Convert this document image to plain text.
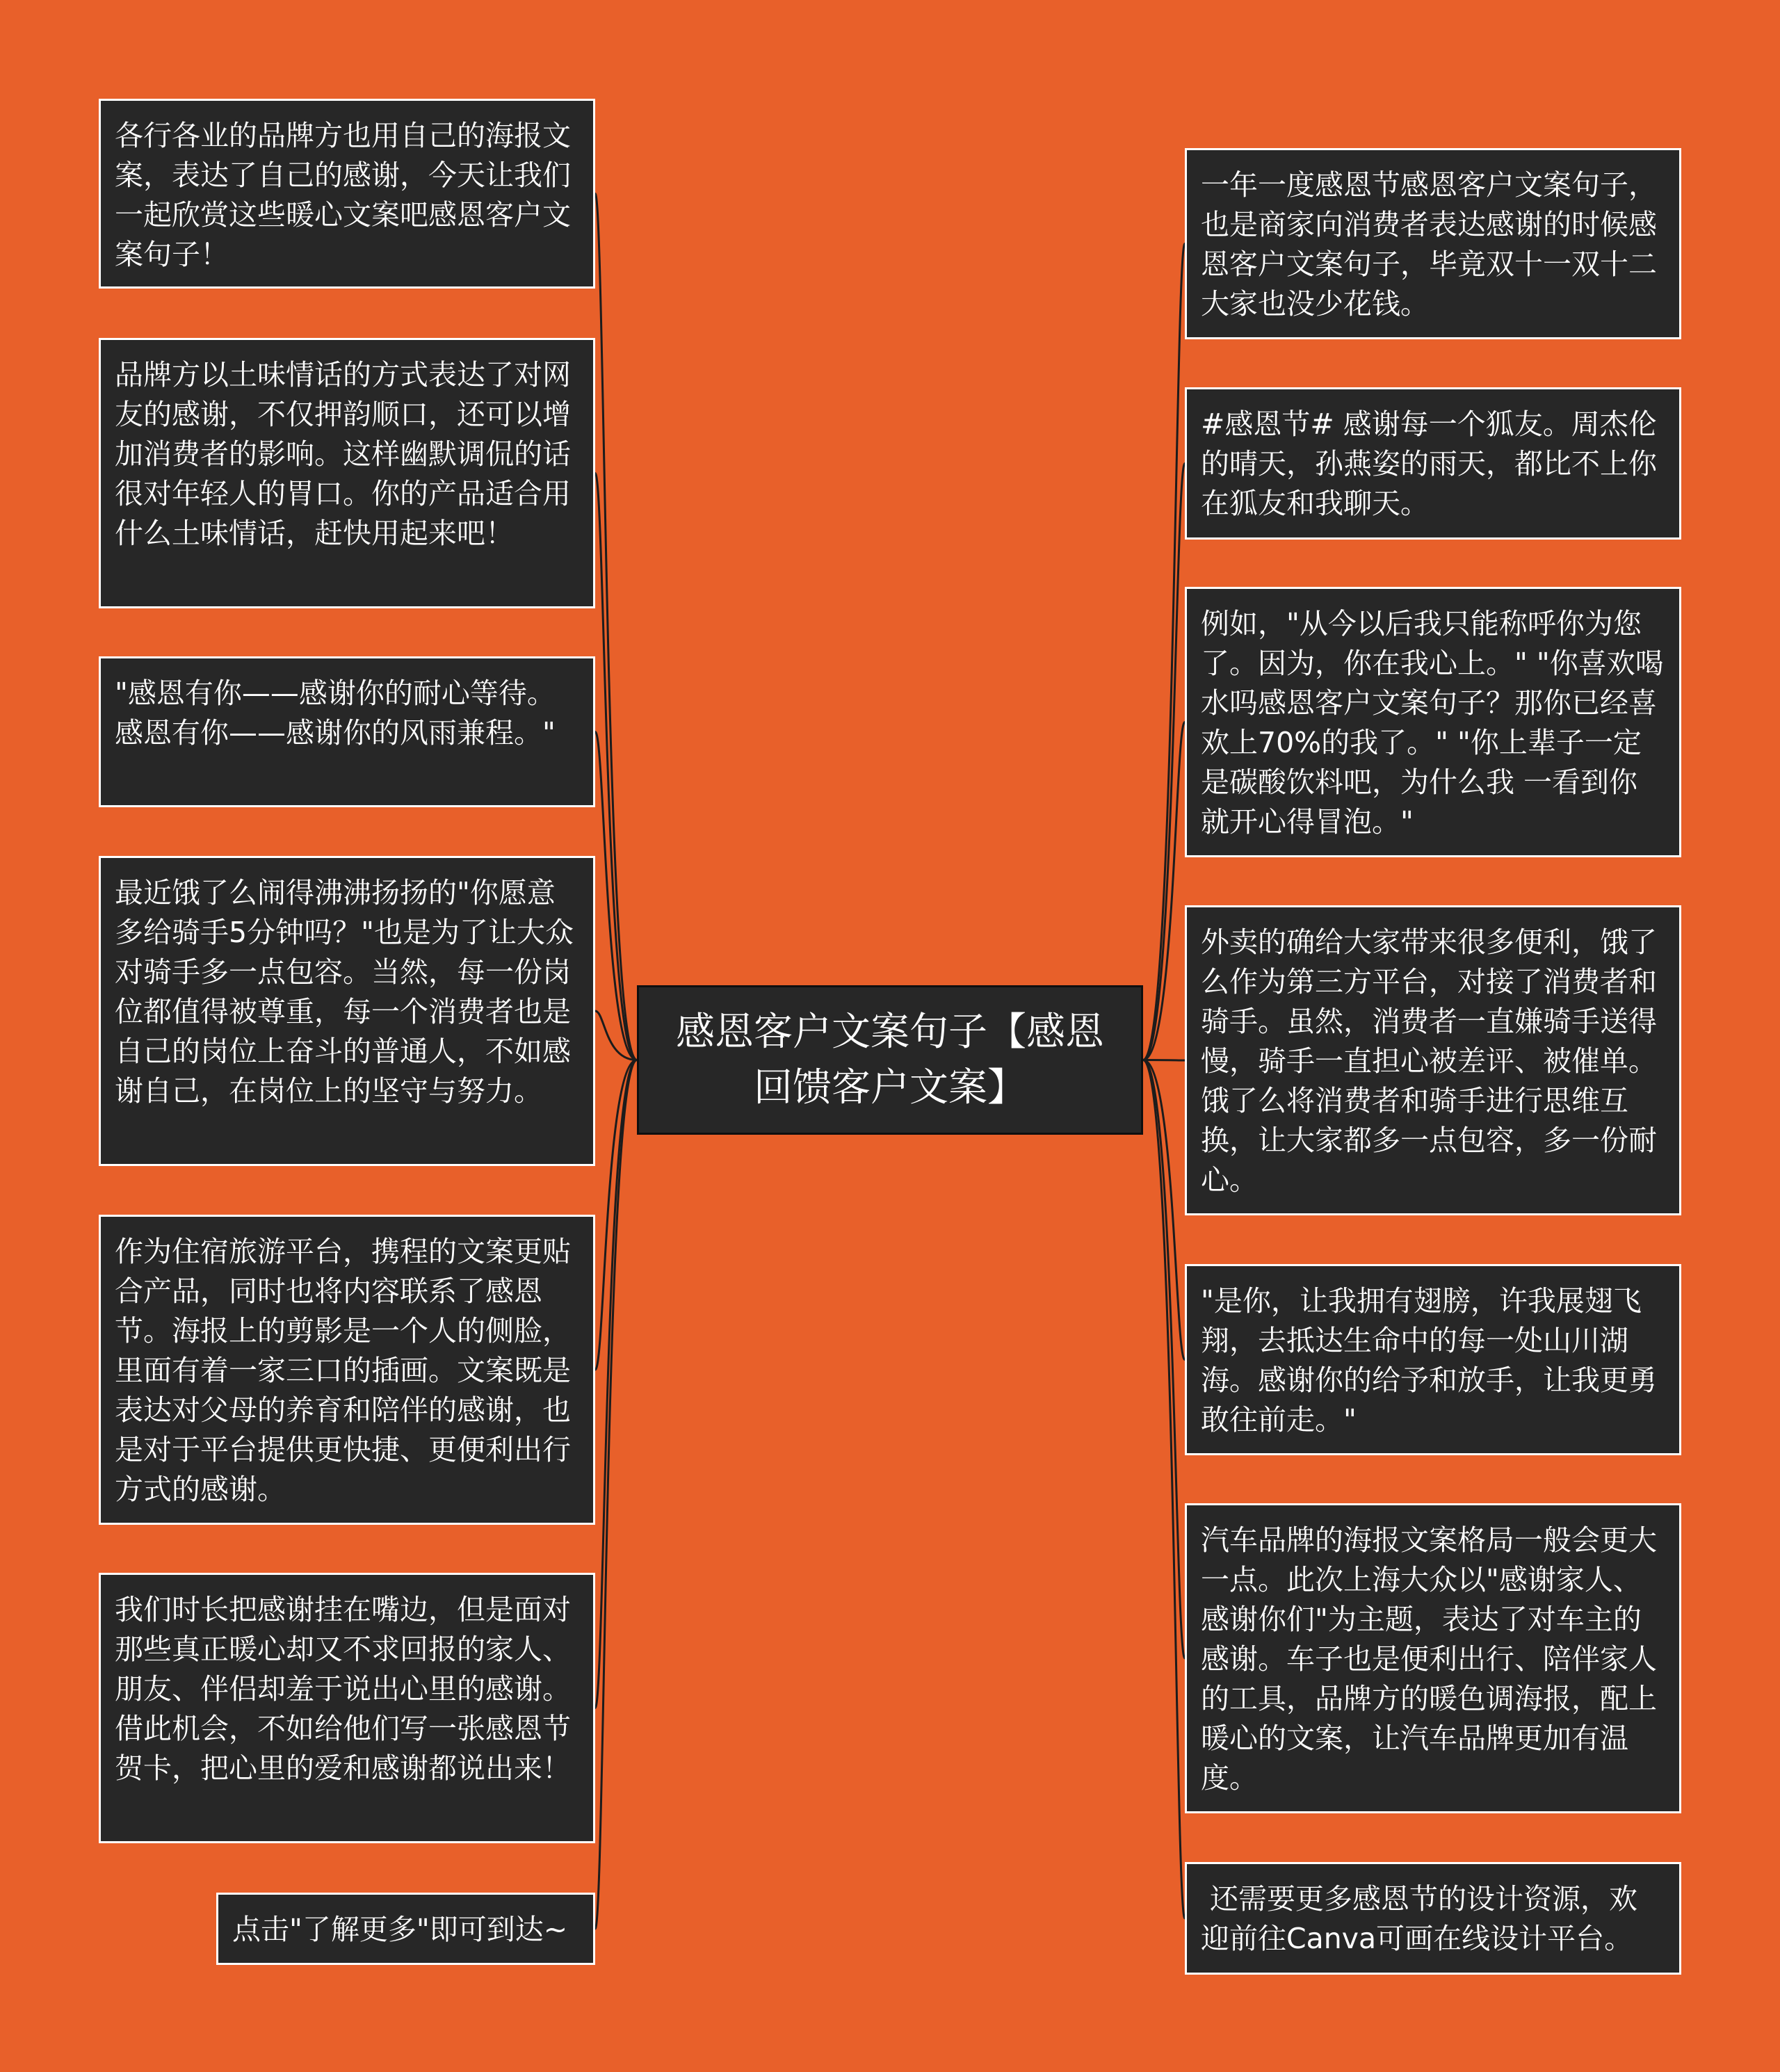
感恩客户文案句子【感恩回馈客户文案】
各行各业的品牌方也用自己的海报文案，表达了自己的感谢，今天让我们一起欣赏这些暖心文案吧感恩客户文案句子！
品牌方以土味情话的方式表达了对网友的感谢，不仅押韵顺口，还可以增加消费者的影响。这样幽默调侃的话很对年轻人的胃口。你的产品适合用什么土味情话，赶快用起来吧！
"感恩有你——感谢你的耐心等待。感恩有你——感谢你的风雨兼程。"
最近饿了么闹得沸沸扬扬的"你愿意多给骑手5分钟吗？"也是为了让大众对骑手多一点包容。当然，每一份岗位都值得被尊重，每一个消费者也是自己的岗位上奋斗的普通人，不如感谢自己，在岗位上的坚守与努力。
作为住宿旅游平台，携程的文案更贴合产品，同时也将内容联系了感恩节。海报上的剪影是一个人的侧脸，里面有着一家三口的插画。文案既是表达对父母的养育和陪伴的感谢，也是对于平台提供更快捷、更便利出行方式的感谢。
我们时长把感谢挂在嘴边，但是面对那些真正暖心却又不求回报的家人、朋友、伴侣却羞于说出心里的感谢。借此机会，不如给他们写一张感恩节贺卡，把心里的爱和感谢都说出来！
点击"了解更多"即可到达~
一年一度感恩节感恩客户文案句子，也是商家向消费者表达感谢的时候感恩客户文案句子，毕竟双十一双十二大家也没少花钱。
#感恩节# 感谢每一个狐友。周杰伦的晴天，孙燕姿的雨天，都比不上你在狐友和我聊天。
例如，"从今以后我只能称呼你为您了。因为，你在我心上。" "你喜欢喝水吗感恩客户文案句子？那你已经喜欢上70%的我了。" "你上辈子一定是碳酸饮料吧，为什么我 一看到你就开心得冒泡。"
外卖的确给大家带来很多便利，饿了么作为第三方平台，对接了消费者和骑手。虽然，消费者一直嫌骑手送得慢，骑手一直担心被差评、被催单。饿了么将消费者和骑手进行思维互换，让大家都多一点包容，多一份耐心。
"是你，让我拥有翅膀，许我展翅飞翔，去抵达生命中的每一处山川湖海。感谢你的给予和放手，让我更勇敢往前走。"
汽车品牌的海报文案格局一般会更大一点。此次上海大众以"感谢家人、感谢你们"为主题，表达了对车主的感谢。车子也是便利出行、陪伴家人的工具，品牌方的暖色调海报，配上暖心的文案，让汽车品牌更加有温度。
还需要更多感恩节的设计资源，欢迎前往Canva可画在线设计平台。
